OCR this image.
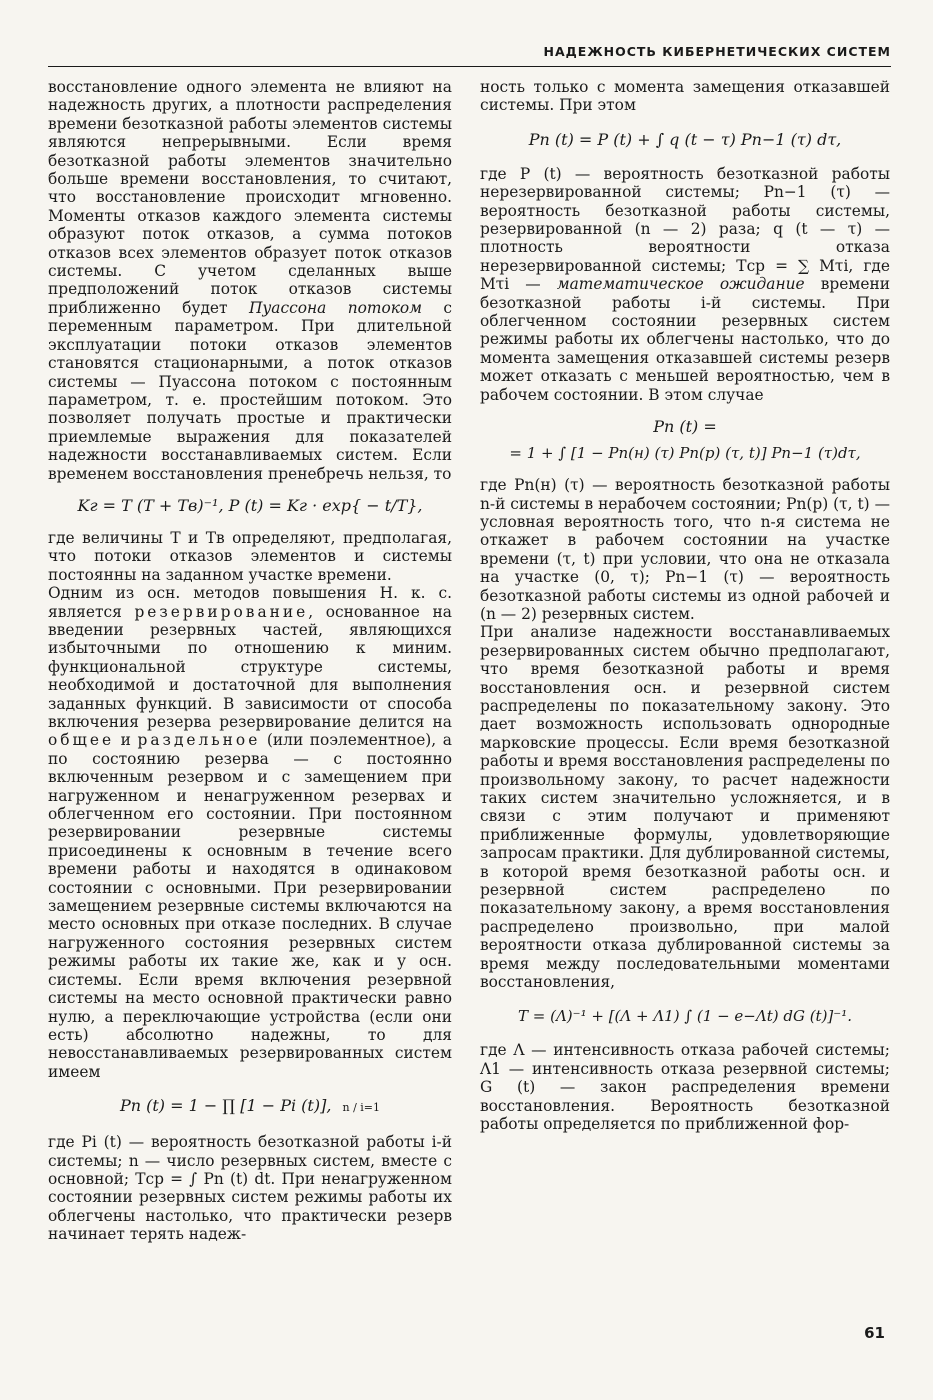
НАДЕЖНОСТЬ КИБЕРНЕТИЧЕСКИХ СИСТЕМ

восстановление одного элемента не влияют на надежность других, а плотности распределения времени безотказной работы элементов системы являются непрерывными. Если время безотказной работы элементов значительно больше времени восстановления, то считают, что восстановление происходит мгновенно. Моменты отказов каждого элемента системы образуют поток отказов, а сумма потоков отказов всех элементов образует поток отказов системы. С учетом сделанных выше предположений поток отказов системы приближенно будет Пуассона потоком с переменным параметром. При длительной эксплуатации потоки отказов элементов становятся стационарными, а поток отказов системы — Пуассона потоком с постоянным параметром, т. е. простейшим потоком. Это позволяет получать простые и практически приемлемые выражения для показателей надежности восстанавливаемых систем. Если временем восстановления пренебречь нельзя, то

Kг = T (T + Tв)⁻¹, P (t) = Kг · exp{ − t/T},

где величины T и Tв определяют, предполагая, что потоки отказов элементов и системы постоянны на заданном участке времени.

Одним из осн. методов повышения Н. к. с. является резервирование, основанное на введении резервных частей, являющихся избыточными по отношению к миним. функциональной структуре системы, необходимой и достаточной для выполнения заданных функций. В зависимости от способа включения резерва резервирование делится на общее и раздельное (или поэлементное), а по состоянию резерва — с постоянно включенным резервом и с замещением при нагруженном и ненагруженном резервах и облегченном его состоянии. При постоянном резервировании резервные системы присоединены к основным в течение всего времени работы и находятся в одинаковом состоянии с основными. При резервировании замещением резервные системы включаются на место основных при отказе последних. В случае нагруженного состояния резервных систем режимы работы их такие же, как и у осн. системы. Если время включения резервной системы на место основной практически равно нулю, а переключающие устройства (если они есть) абсолютно надежны, то для невосстанавливаемых резервированных систем имеем

Pn (t) = 1 − ∏ [1 − Pi (t)], n / i=1

где Pi (t) — вероятность безотказной работы i-й системы; n — число резервных систем, вместе с основной; Tср = ∫ Pn (t) dt. При ненагруженном состоянии резервных систем режимы работы их облегчены настолько, что практически резерв начинает терять надеж-

ность только с момента замещения отказавшей системы. При этом

Pn (t) = P (t) + ∫ q (t − τ) Pn−1 (τ) dτ,

где P (t) — вероятность безотказной работы нерезервированной системы; Pn−1 (τ) — вероятность безотказной работы системы, резервированной (n — 2) раза; q (t — τ) — плотность вероятности отказа нерезервированной системы; Tср = ∑ Mτi, где Mτi — математическое ожидание времени безотказной работы i-й системы. При облегченном состоянии резервных систем режимы работы их облегчены настолько, что до момента замещения отказавшей системы резерв может отказать с меньшей вероятностью, чем в рабочем состоянии. В этом случае

Pn (t) =
= 1 + ∫ [1 − Pn(н) (τ) Pn(р) (τ, t)] Pn−1 (τ)dτ,

где Pn(н) (τ) — вероятность безотказной работы n-й системы в нерабочем состоянии; Pn(р) (τ, t) — условная вероятность того, что n-я система не откажет в рабочем состоянии на участке времени (τ, t) при условии, что она не отказала на участке (0, τ); Pn−1 (τ) — вероятность безотказной работы системы из одной рабочей и (n — 2) резервных систем.

При анализе надежности восстанавливаемых резервированных систем обычно предполагают, что время безотказной работы и время восстановления осн. и резервной систем распределены по показательному закону. Это дает возможность использовать однородные марковские процессы. Если время безотказной работы и время восстановления распределены по произвольному закону, то расчет надежности таких систем значительно усложняется, и в связи с этим получают и применяют приближенные формулы, удовлетворяющие запросам практики. Для дублированной системы, в которой время безотказной работы осн. и резервной систем распределено по показательному закону, а время восстановления распределено произвольно, при малой вероятности отказа дублированной системы за время между последовательными моментами восстановления,

T = (Λ)⁻¹ + [(Λ + Λ1) ∫ (1 − e−Λt) dG (t)]⁻¹.

где Λ — интенсивность отказа рабочей системы; Λ1 — интенсивность отказа резервной системы; G (t) — закон распределения времени восстановления. Вероятность безотказной работы определяется по приближенной фор-

61
